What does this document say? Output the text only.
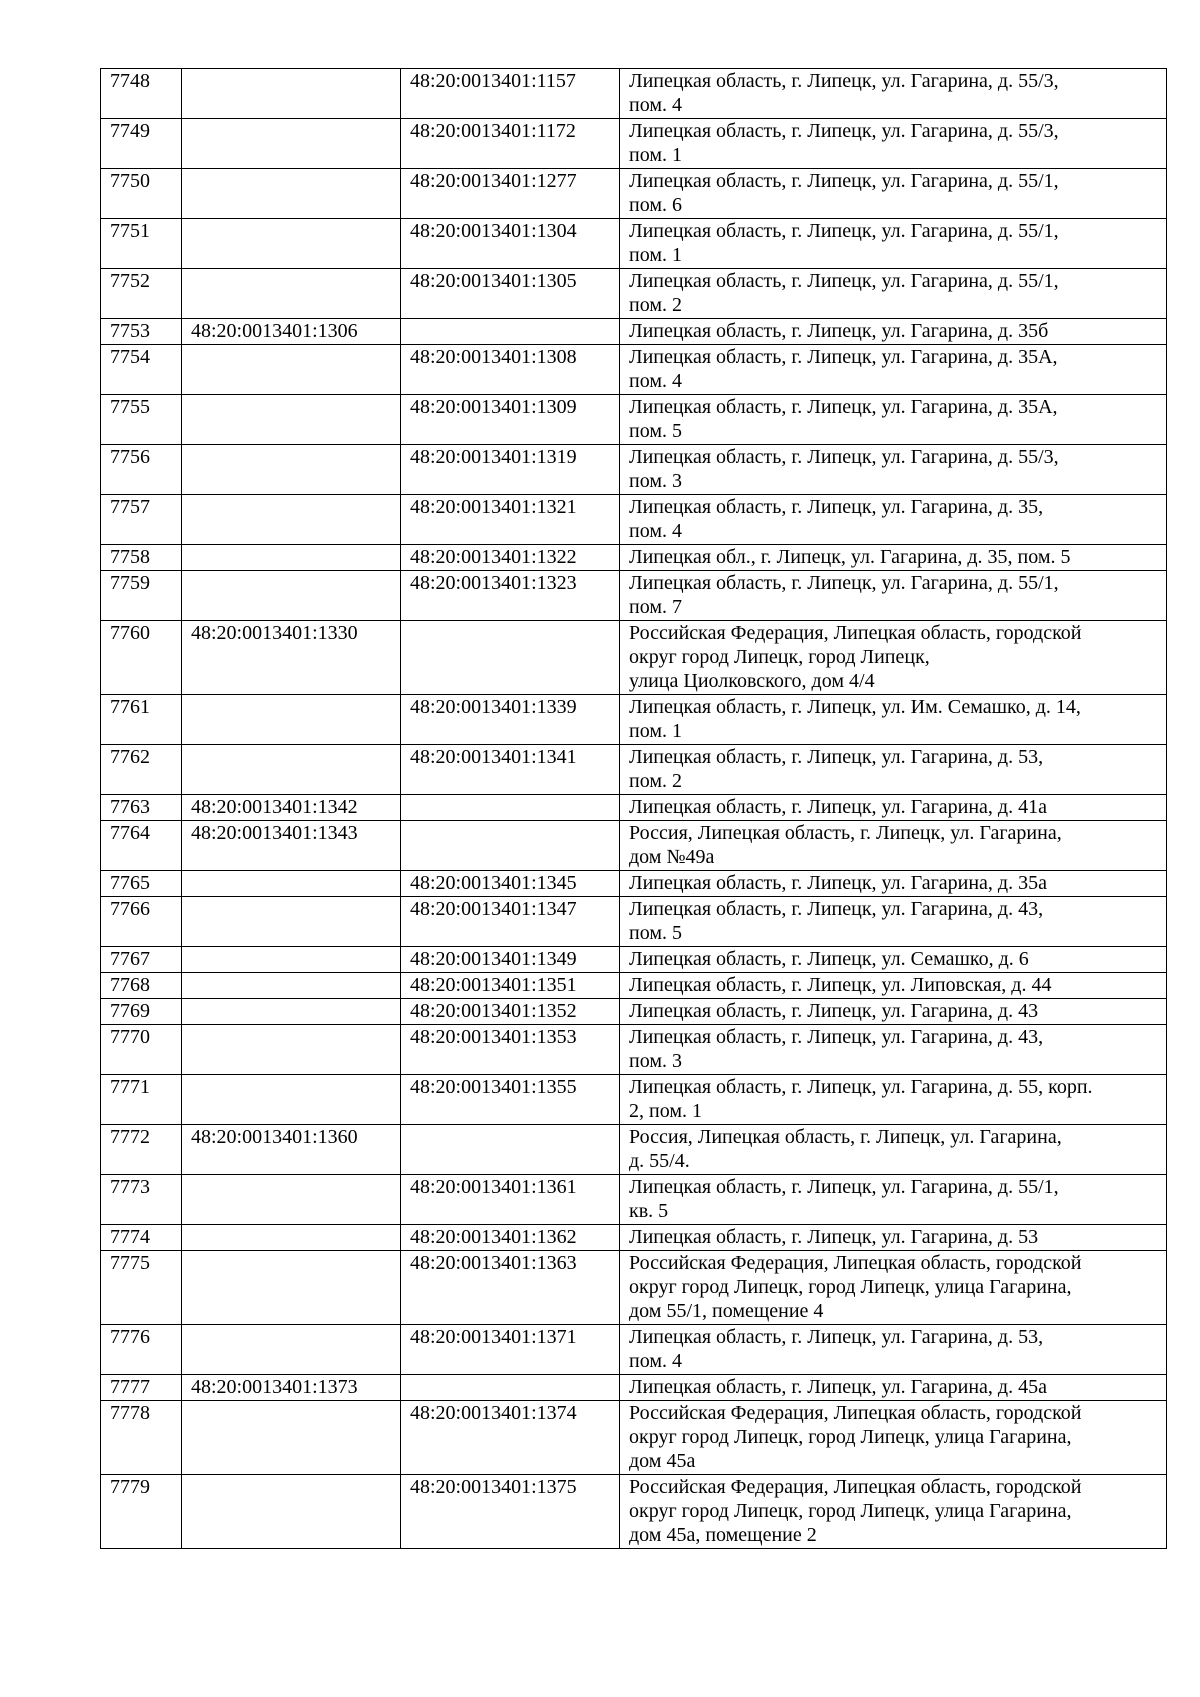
7748		48:20:0013401:1157	Липецкая область, г. Липецк, ул. Гагарина, д. 55/3,
пом. 4
7749		48:20:0013401:1172	Липецкая область, г. Липецк, ул. Гагарина, д. 55/3,
пом. 1
7750		48:20:0013401:1277	Липецкая область, г. Липецк, ул. Гагарина, д. 55/1,
пом. 6
7751		48:20:0013401:1304	Липецкая область, г. Липецк, ул. Гагарина, д. 55/1,
пом. 1
7752		48:20:0013401:1305	Липецкая область, г. Липецк, ул. Гагарина, д. 55/1,
пом. 2
7753	48:20:0013401:1306		Липецкая область, г. Липецк, ул. Гагарина, д. 35б
7754		48:20:0013401:1308	Липецкая область, г. Липецк, ул. Гагарина, д. 35А,
пом. 4
7755		48:20:0013401:1309	Липецкая область, г. Липецк, ул. Гагарина, д. 35А,
пом. 5
7756		48:20:0013401:1319	Липецкая область, г. Липецк, ул. Гагарина, д. 55/3,
пом. 3
7757		48:20:0013401:1321	Липецкая область, г. Липецк, ул. Гагарина, д. 35,
пом. 4
7758		48:20:0013401:1322	Липецкая обл., г. Липецк, ул. Гагарина, д. 35, пом. 5
7759		48:20:0013401:1323	Липецкая область, г. Липецк, ул. Гагарина, д. 55/1,
пом. 7
7760	48:20:0013401:1330		Российская Федерация, Липецкая область, городской
округ город Липецк, город Липецк,
улица Циолковского, дом 4/4
7761		48:20:0013401:1339	Липецкая область, г. Липецк, ул. Им. Семашко, д. 14,
пом. 1
7762		48:20:0013401:1341	Липецкая область, г. Липецк, ул. Гагарина, д. 53,
пом. 2
7763	48:20:0013401:1342		Липецкая область, г. Липецк, ул. Гагарина, д. 41а
7764	48:20:0013401:1343		Россия, Липецкая область, г. Липецк, ул. Гагарина,
дом №49а
7765		48:20:0013401:1345	Липецкая область, г. Липецк, ул. Гагарина, д. 35а
7766		48:20:0013401:1347	Липецкая область, г. Липецк, ул. Гагарина, д. 43,
пом. 5
7767		48:20:0013401:1349	Липецкая область, г. Липецк, ул. Семашко, д. 6
7768		48:20:0013401:1351	Липецкая область, г. Липецк, ул. Липовская, д. 44
7769		48:20:0013401:1352	Липецкая область, г. Липецк, ул. Гагарина, д. 43
7770		48:20:0013401:1353	Липецкая область, г. Липецк, ул. Гагарина, д. 43,
пом. 3
7771		48:20:0013401:1355	Липецкая область, г. Липецк, ул. Гагарина, д. 55, корп.
2, пом. 1
7772	48:20:0013401:1360		Россия, Липецкая область, г. Липецк, ул. Гагарина,
д. 55/4.
7773		48:20:0013401:1361	Липецкая область, г. Липецк, ул. Гагарина, д. 55/1,
кв. 5
7774		48:20:0013401:1362	Липецкая область, г. Липецк, ул. Гагарина, д. 53
7775		48:20:0013401:1363	Российская Федерация, Липецкая область, городской
округ город Липецк, город Липецк, улица Гагарина,
дом 55/1, помещение 4
7776		48:20:0013401:1371	Липецкая область, г. Липецк, ул. Гагарина, д. 53,
пом. 4
7777	48:20:0013401:1373		Липецкая область, г. Липецк, ул. Гагарина, д. 45а
7778		48:20:0013401:1374	Российская Федерация, Липецкая область, городской
округ город Липецк, город Липецк, улица Гагарина,
дом 45а
7779		48:20:0013401:1375	Российская Федерация, Липецкая область, городской
округ город Липецк, город Липецк, улица Гагарина,
дом 45а, помещение 2
